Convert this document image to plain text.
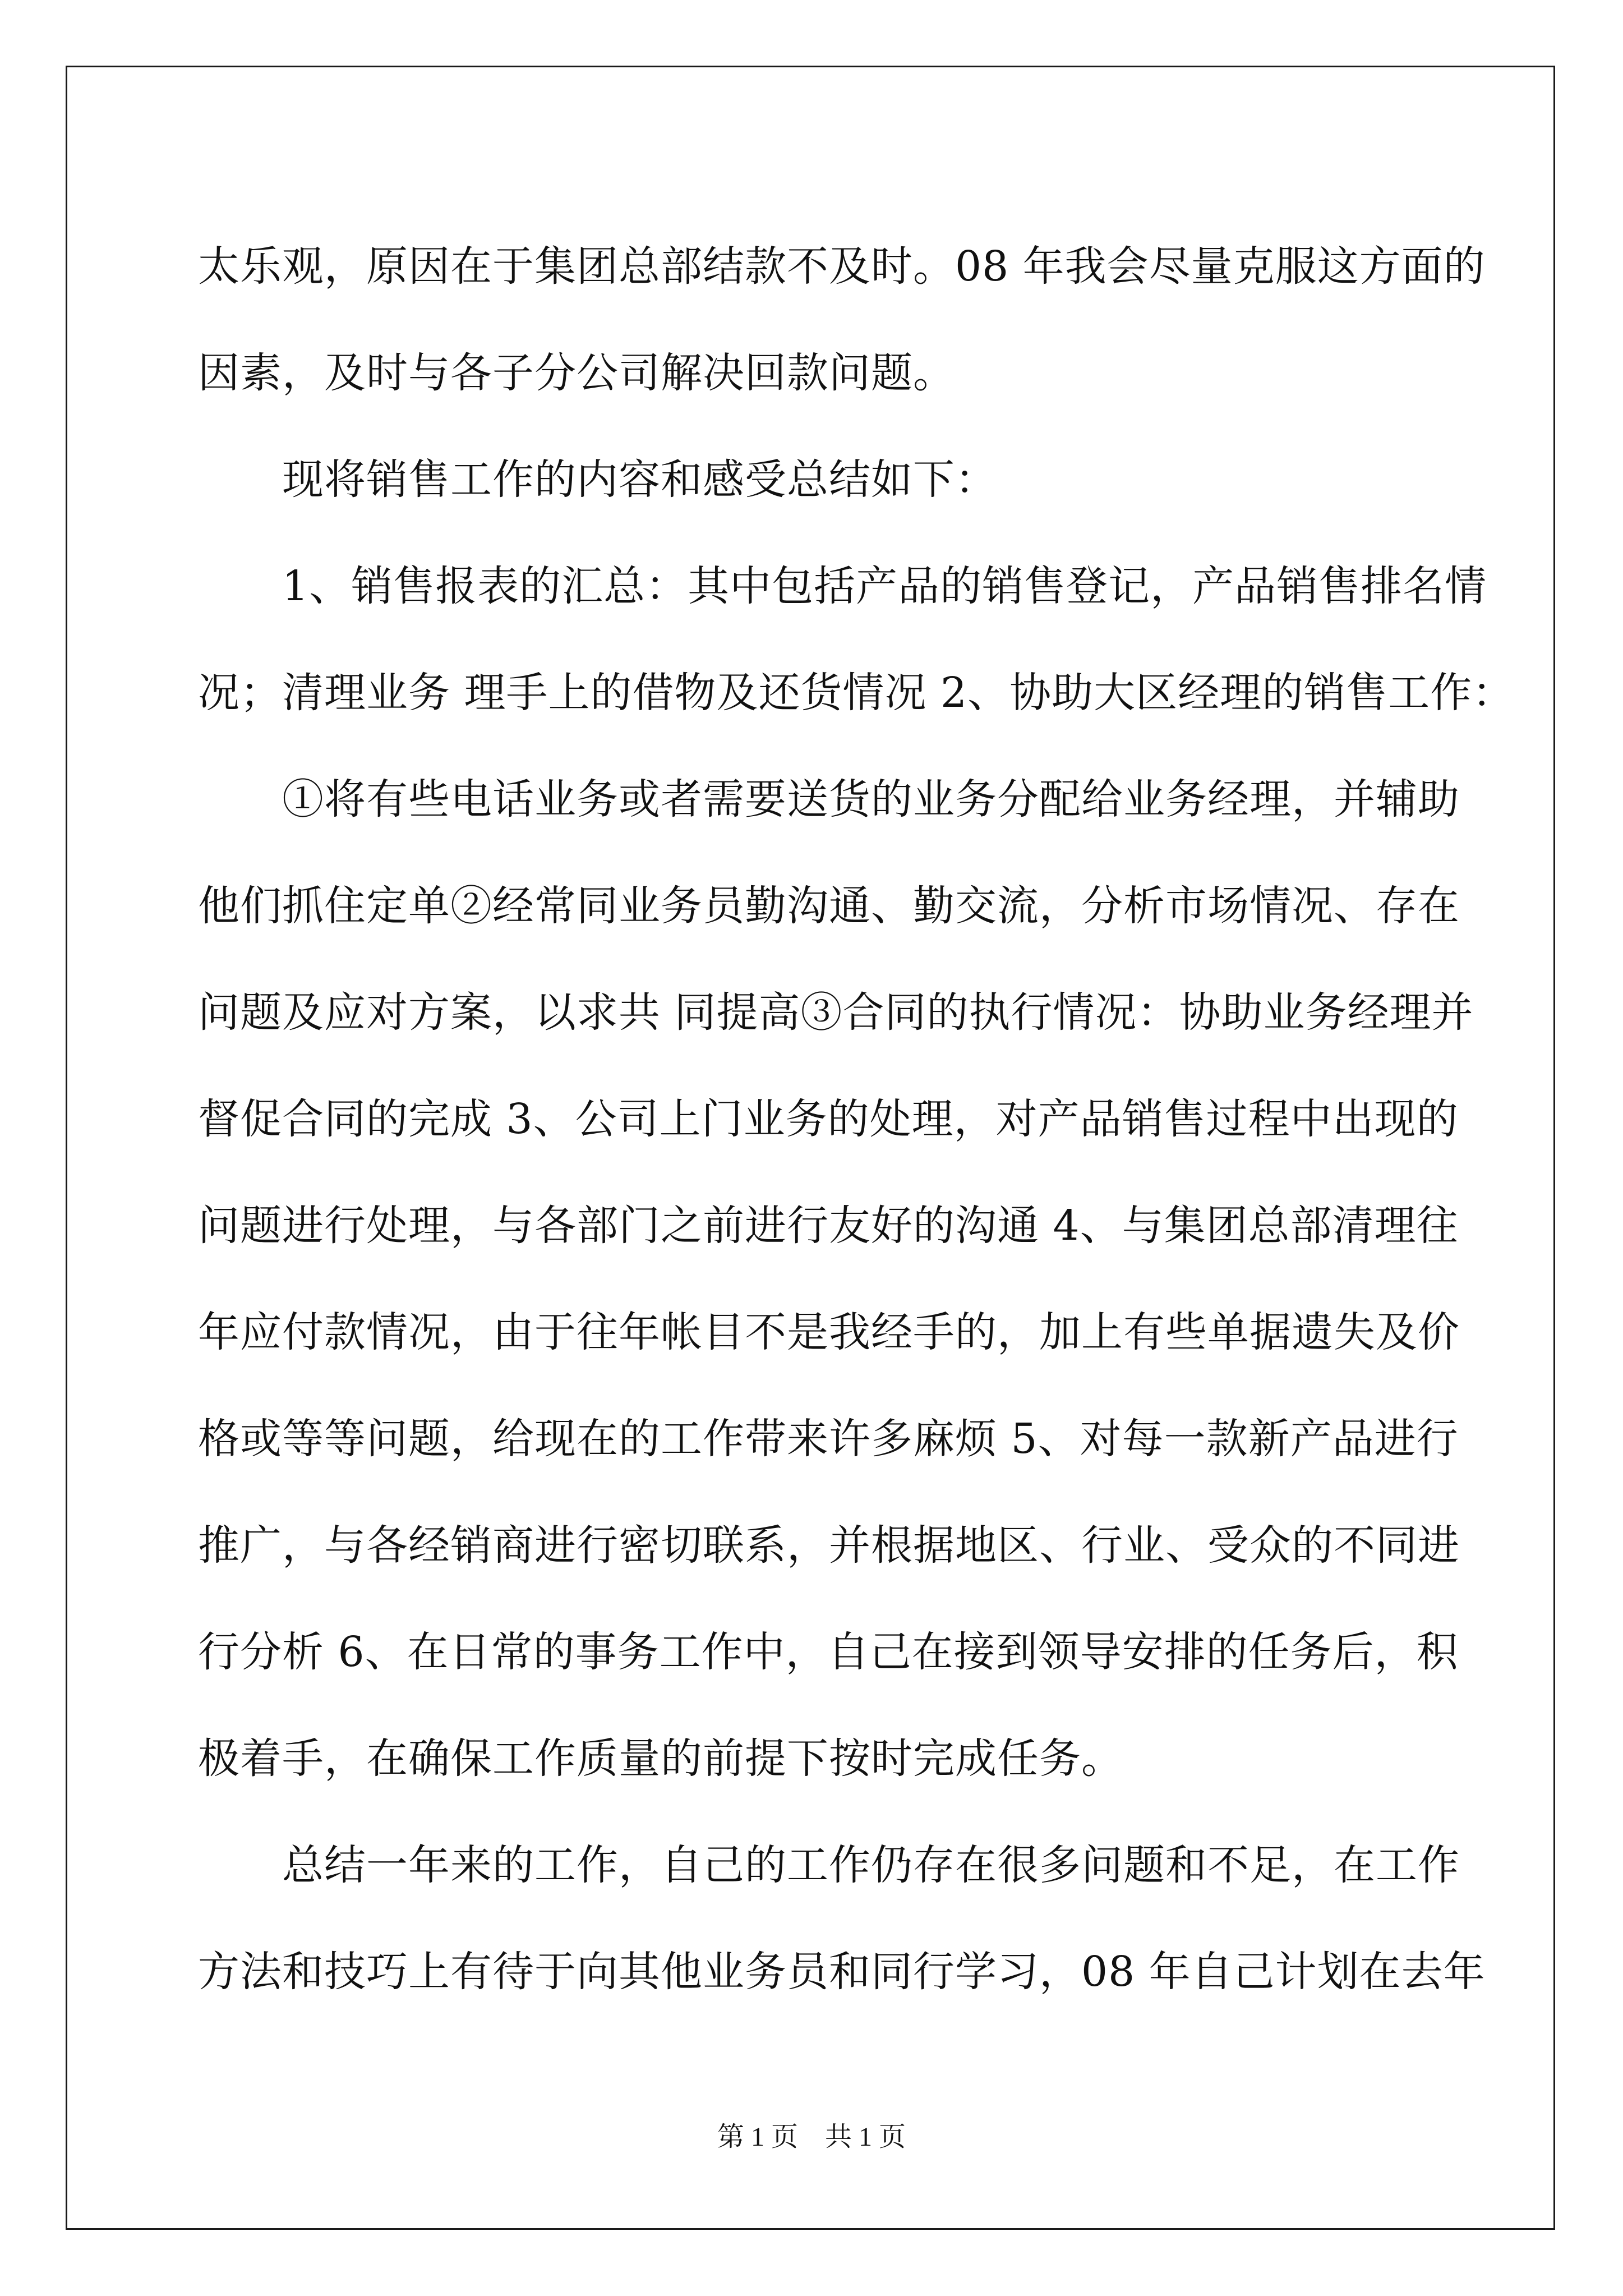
太乐观，原因在于集团总部结款不及时。08 年我会尽量克服这方面的
因素，及时与各子分公司解决回款问题。
　　现将销售工作的内容和感受总结如下：
　　1、销售报表的汇总：其中包括产品的销售登记，产品销售排名情
况；清理业务 理手上的借物及还货情况 2、协助大区经理的销售工作：
　　①将有些电话业务或者需要送货的业务分配给业务经理，并辅助
他们抓住定单②经常同业务员勤沟通、勤交流，分析市场情况、存在
问题及应对方案，以求共 同提高③合同的执行情况：协助业务经理并
督促合同的完成 3、公司上门业务的处理，对产品销售过程中出现的
问题进行处理，与各部门之前进行友好的沟通 4、与集团总部清理往
年应付款情况，由于往年帐目不是我经手的，加上有些单据遗失及价
格或等等问题，给现在的工作带来许多麻烦 5、对每一款新产品进行
推广，与各经销商进行密切联系，并根据地区、行业、受众的不同进
行分析 6、在日常的事务工作中，自己在接到领导安排的任务后，积
极着手，在确保工作质量的前提下按时完成任务。
　　总结一年来的工作，自己的工作仍存在很多问题和不足，在工作
方法和技巧上有待于向其他业务员和同行学习，08 年自己计划在去年
第 1 页　共 1 页
